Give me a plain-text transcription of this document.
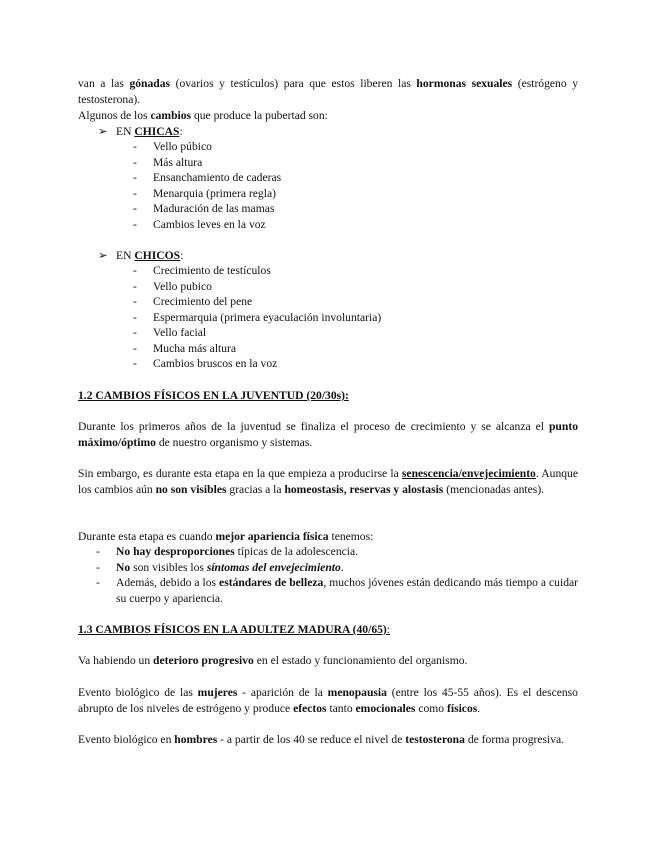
van a las gónadas (ovarios y testículos) para que estos liberen las hormonas sexuales (estrógeno y testosterona).

Algunos de los cambios que produce la pubertad son:

➢ EN CHICAS:
- Vello púbico
- Más altura
- Ensanchamiento de caderas
- Menarquia (primera regla)
- Maduración de las mamas
- Cambios leves en la voz
➢ EN CHICOS:
- Crecimiento de testículos
- Vello pubico
- Crecimiento del pene
- Espermarquia (primera eyaculación involuntaria)
- Vello facial
- Mucha más altura
- Cambios bruscos en la voz

1.2 CAMBIOS FÍSICOS EN LA JUVENTUD (20/30s):

Durante los primeros años de la juventud se finaliza el proceso de crecimiento y se alcanza el punto máximo/óptimo de nuestro organismo y sistemas.

Sin embargo, es durante esta etapa en la que empieza a producirse la senescencia/envejecimiento. Aunque los cambios aún no son visibles gracias a la homeostasis, reservas y alostasis (mencionadas antes).

Durante esta etapa es cuando mejor apariencia física tenemos:

-	No hay desproporciones típicas de la adolescencia.
-	No son visibles los síntomas del envejecimiento.
-	Además, debido a los estándares de belleza, muchos jóvenes están dedicando más tiempo a cuidar su cuerpo y apariencia.

1.3 CAMBIOS FÍSICOS EN LA ADULTEZ MADURA (40/65):

Va habiendo un deterioro progresivo en el estado y funcionamiento del organismo.

Evento biológico de las mujeres - aparición de la menopausia (entre los 45-55 años). Es el descenso abrupto de los niveles de estrógeno y produce efectos tanto emocionales como físicos.

Evento biológico en hombres - a partir de los 40 se reduce el nivel de testosterona de forma progresiva.
